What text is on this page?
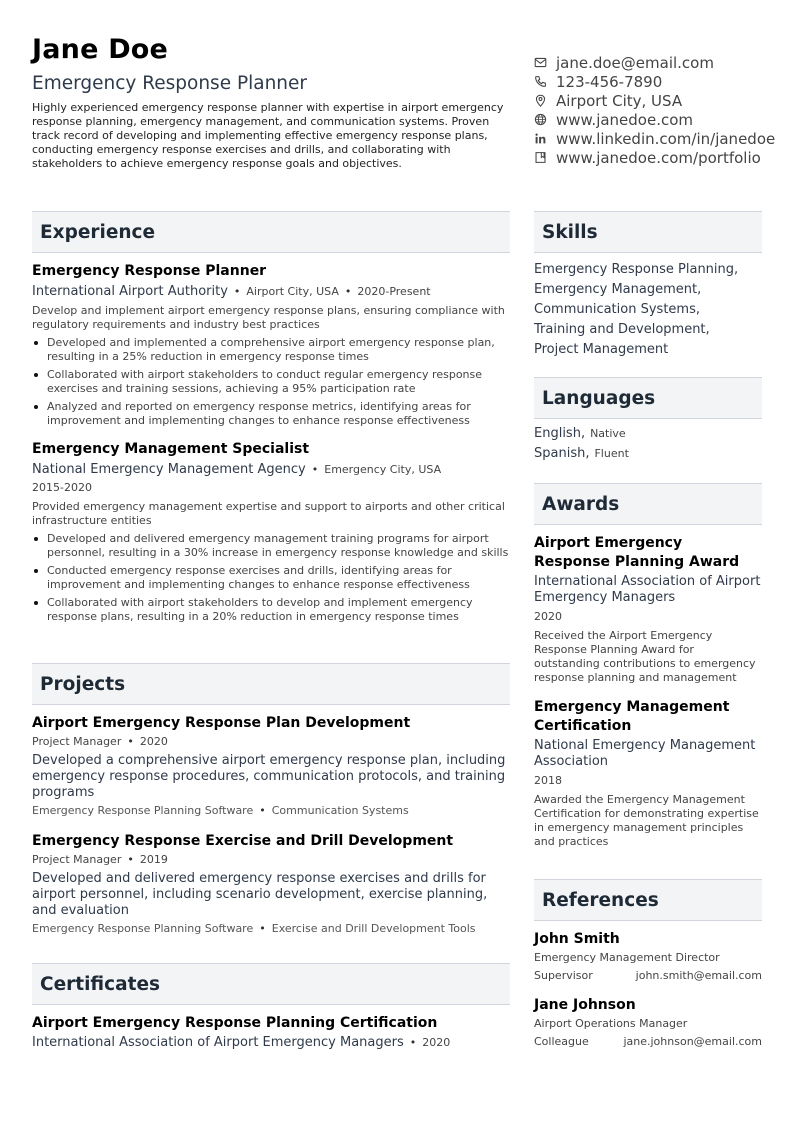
Jane Doe
Emergency Response Planner
Highly experienced emergency response planner with expertise in airport emergency response planning, emergency management, and communication systems. Proven track record of developing and implementing effective emergency response plans, conducting emergency response exercises and drills, and collaborating with stakeholders to achieve emergency response goals and objectives.
jane.doe@email.com
123-456-7890
Airport City, USA
www.janedoe.com
www.linkedin.com/in/janedoe
www.janedoe.com/portfolio
Experience
Emergency Response Planner
International Airport Authority • Airport City, USA • 2020-Present
Develop and implement airport emergency response plans, ensuring compliance with regulatory requirements and industry best practices
Developed and implemented a comprehensive airport emergency response plan, resulting in a 25% reduction in emergency response times
Collaborated with airport stakeholders to conduct regular emergency response exercises and training sessions, achieving a 95% participation rate
Analyzed and reported on emergency response metrics, identifying areas for improvement and implementing changes to enhance response effectiveness
Emergency Management Specialist
National Emergency Management Agency • Emergency City, USA
2015-2020
Provided emergency management expertise and support to airports and other critical infrastructure entities
Developed and delivered emergency management training programs for airport personnel, resulting in a 30% increase in emergency response knowledge and skills
Conducted emergency response exercises and drills, identifying areas for improvement and implementing changes to enhance response effectiveness
Collaborated with airport stakeholders to develop and implement emergency response plans, resulting in a 20% reduction in emergency response times
Projects
Airport Emergency Response Plan Development
Project Manager • 2020
Developed a comprehensive airport emergency response plan, including emergency response procedures, communication protocols, and training programs
Emergency Response Planning Software • Communication Systems
Emergency Response Exercise and Drill Development
Project Manager • 2019
Developed and delivered emergency response exercises and drills for airport personnel, including scenario development, exercise planning, and evaluation
Emergency Response Planning Software • Exercise and Drill Development Tools
Certificates
Airport Emergency Response Planning Certification
International Association of Airport Emergency Managers • 2020
Skills
Emergency Response Planning,
Emergency Management,
Communication Systems,
Training and Development,
Project Management
Languages
English, Native
Spanish, Fluent
Awards
Airport Emergency Response Planning Award
International Association of Airport Emergency Managers
2020
Received the Airport Emergency Response Planning Award for outstanding contributions to emergency response planning and management
Emergency Management Certification
National Emergency Management Association
2018
Awarded the Emergency Management Certification for demonstrating expertise in emergency management principles and practices
References
John Smith
Emergency Management Director
Supervisor	john.smith@email.com
Jane Johnson
Airport Operations Manager
Colleague	jane.johnson@email.com
